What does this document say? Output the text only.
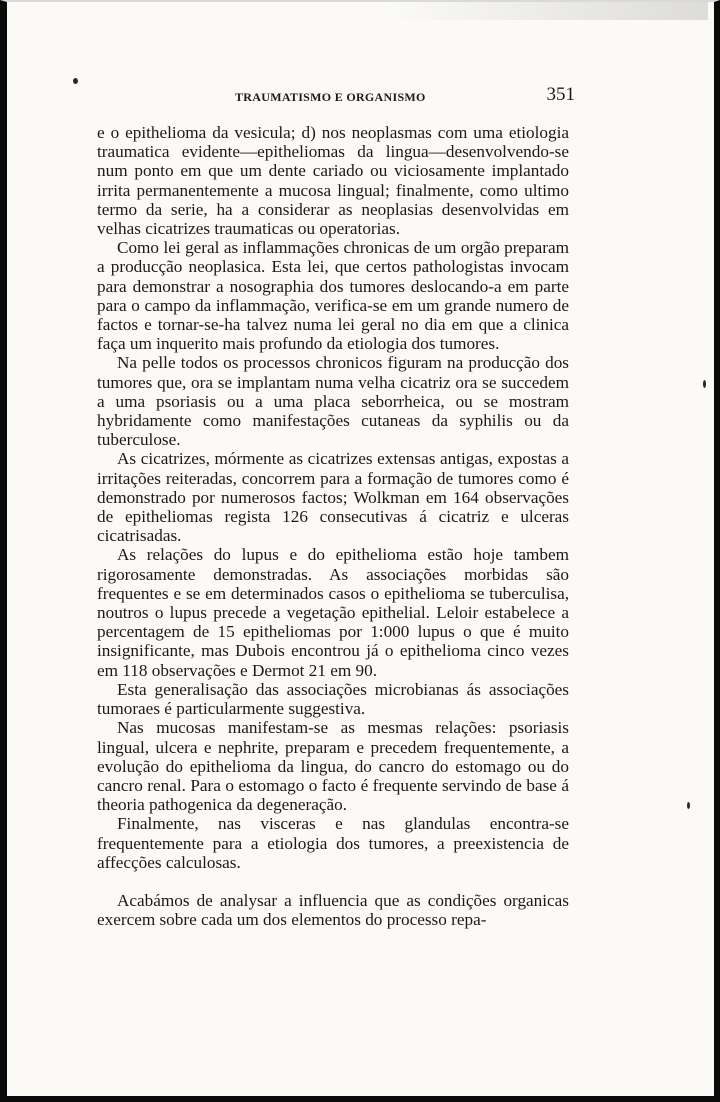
TRAUMATISMO E ORGANISMO	351

e o epithelioma da vesicula; d) nos neoplasmas com uma etiologia traumatica evidente—epitheliomas da lingua—desenvolvendo-se num ponto em que um dente cariado ou viciosamente implantado irrita permanentemente a mucosa lingual; finalmente, como ultimo termo da serie, ha a considerar as neoplasias desenvolvidas em velhas cicatrizes traumaticas ou operatorias.

Como lei geral as inflammações chronicas de um orgão preparam a producção neoplasica. Esta lei, que certos pathologistas invocam para demonstrar a nosographia dos tumores deslocando-a em parte para o campo da inflammação, verifica-se em um grande numero de factos e tornar-se-ha talvez numa lei geral no dia em que a clinica faça um inquerito mais profundo da etiologia dos tumores.

Na pelle todos os processos chronicos figuram na producção dos tumores que, ora se implantam numa velha cicatriz ora se succedem a uma psoriasis ou a uma placa seborrheica, ou se mostram hybridamente como manifestações cutaneas da syphilis ou da tuberculose.

As cicatrizes, mórmente as cicatrizes extensas antigas, expostas a irritações reiteradas, concorrem para a formação de tumores como é demonstrado por numerosos factos; Wolkman em 164 observações de epitheliomas regista 126 consecutivas á cicatriz e ulceras cicatrisadas.

As relações do lupus e do epithelioma estão hoje tambem rigorosamente demonstradas. As associações morbidas são frequentes e se em determinados casos o epithelioma se tuberculisa, noutros o lupus precede a vegetação epithelial. Leloir estabelece a percentagem de 15 epitheliomas por 1:000 lupus o que é muito insignificante, mas Dubois encontrou já o epithelioma cinco vezes em 118 observações e Dermot 21 em 90.

Esta generalisação das associações microbianas ás associações tumoraes é particularmente suggestiva.

Nas mucosas manifestam-se as mesmas relações: psoriasis lingual, ulcera e nephrite, preparam e precedem frequentemente, a evolução do epithelioma da lingua, do cancro do estomago ou do cancro renal. Para o estomago o facto é frequente servindo de base á theoria pathogenica da degeneração.

Finalmente, nas visceras e nas glandulas encontra-se frequentemente para a etiologia dos tumores, a preexistencia de affecções calculosas.

Acabámos de analysar a influencia que as condições organicas exercem sobre cada um dos elementos do processo repa-
